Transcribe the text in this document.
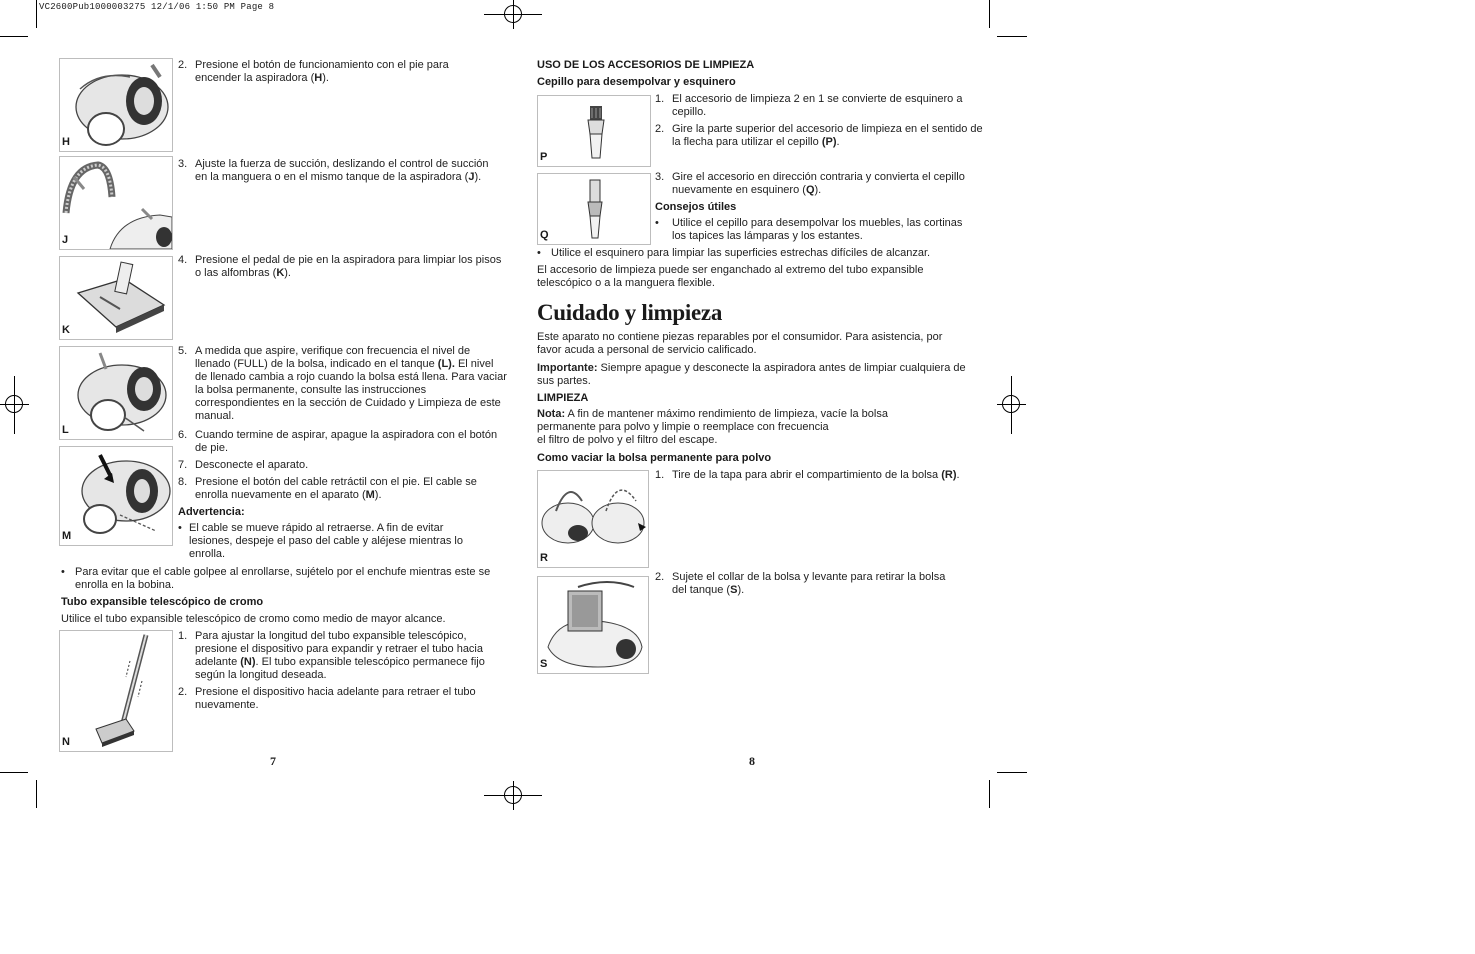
VC2600Pub1000003275 12/1/06 1:50 PM Page 8
H
2. Presione el botón de funcionamiento con el pie para encender la aspiradora (H).
J
3. Ajuste la fuerza de succión, deslizando el control de succión en la manguera o en el mismo tanque de la aspiradora (J).
K
4. Presione el pedal de pie en la aspiradora para limpiar los pisos o las alfombras (K).
L
5. A medida que aspire, verifique con frecuencia el nivel de llenado (FULL) de la bolsa, indicado en el tanque (L). El nivel de llenado cambia a rojo cuando la bolsa está llena. Para vaciar la bolsa permanente, consulte las instrucciones correspondientes en la sección de Cuidado y Limpieza de este manual.
M
6. Cuando termine de aspirar, apague la aspiradora con el botón de pie.
7. Desconecte el aparato.
8. Presione el botón del cable retráctil con el pie. El cable se enrolla nuevamente en el aparato (M).
Advertencia:
• El cable se mueve rápido al retraerse. A fin de evitar lesiones, despeje el paso del cable y aléjese mientras lo enrolla.
• Para evitar que el cable golpee al enrollarse, sujételo por el enchufe mientras este se enrolla en la bobina.
Tubo expansible telescópico de cromo
Utilice el tubo expansible telescópico de cromo como medio de mayor alcance.
N
1. Para ajustar la longitud del tubo expansible telescópico, presione el dispositivo para expandir y retraer el tubo hacia adelante (N). El tubo expansible telescópico permanece fijo según la longitud deseada.
2. Presione el dispositivo hacia adelante para retraer el tubo nuevamente.
7
USO DE LOS ACCESORIOS DE LIMPIEZA
Cepillo para desempolvar y esquinero
P
1. El accesorio de limpieza 2 en 1 se convierte de esquinero a cepillo.
2. Gire la parte superior del accesorio de limpieza en el sentido de la flecha para utilizar el cepillo (P).
Q
3. Gire el accesorio en dirección contraria y convierta el cepillo nuevamente en esquinero (Q).
Consejos útiles
• Utilice el cepillo para desempolvar los muebles, las cortinas los tapices las lámparas y los estantes.
• Utilice el esquinero para limpiar las superficies estrechas difíciles de alcanzar.
El accesorio de limpieza puede ser enganchado al extremo del tubo expansible telescópico o a la manguera flexible.
Cuidado y limpieza
Este aparato no contiene piezas reparables por el consumidor. Para asistencia, por favor acuda a personal de servicio calificado.
Importante: Siempre apague y desconecte la aspiradora antes de limpiar cualquiera de sus partes.
LIMPIEZA
Nota: A fin de mantener máximo rendimiento de limpieza, vacíe la bolsa permanente para polvo y limpie o reemplace con frecuencia
el filtro de polvo y el filtro del escape.
Como vaciar la bolsa permanente para polvo
R
1. Tire de la tapa para abrir el compartimiento de la bolsa (R).
S
2. Sujete el collar de la bolsa y levante para retirar la bolsa del tanque (S).
8
